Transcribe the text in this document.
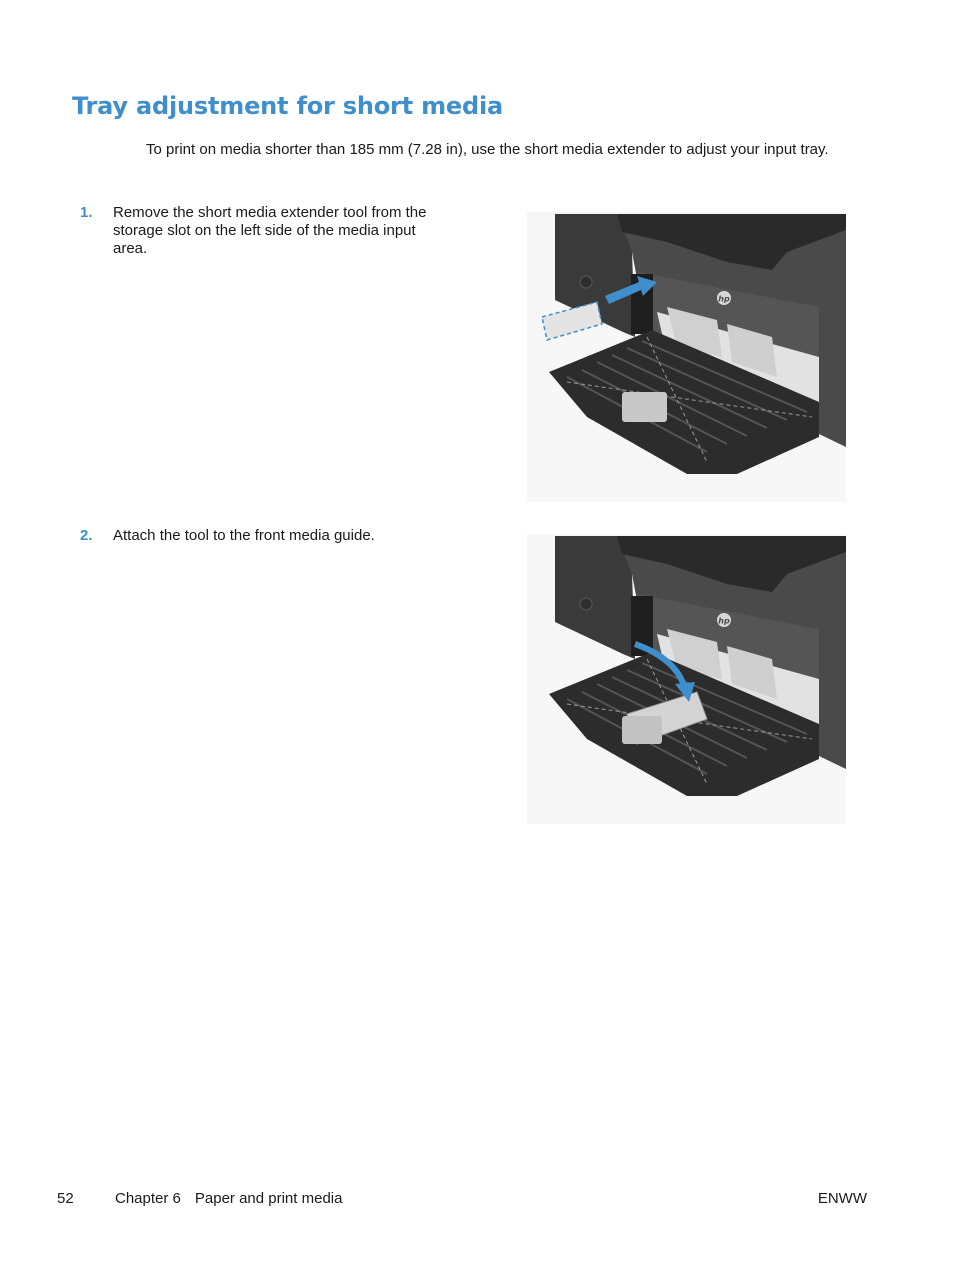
Tray adjustment for short media

To print on media shorter than 185 mm (7.28 in), use the short media extender to adjust your input tray.

1. Remove the short media extender tool from the storage slot on the left side of the media input area.

hp
2. Attach the tool to the front media guide.

hp
52	Chapter 6 Paper and print media	ENWW
